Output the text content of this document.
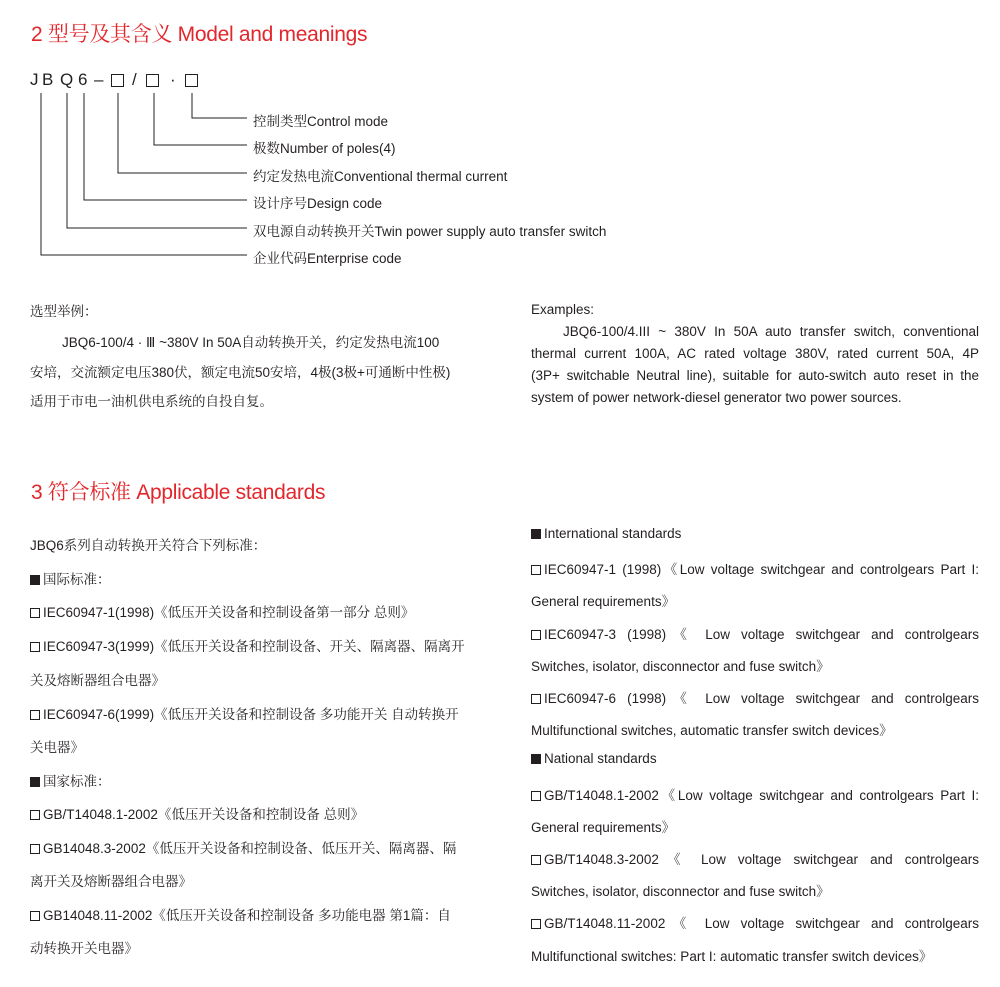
2 型号及其含义 Model and meanings
J B Q 6 – / ·
控制类型Control mode
极数Number of poles(4)
约定发热电流Conventional thermal current
设计序号Design code
双电源自动转换开关Twin power supply auto transfer switch
企业代码Enterprise code
选型举例：
JBQ6-100/4 · Ⅲ ~380V In 50A自动转换开关，约定发热电流100
安培，交流额定电压380伏，额定电流50安培，4极(3极+可通断中性极)
适用于市电一油机供电系统的自投自复。
Examples:
JBQ6-100/4.III ~ 380V In 50A auto transfer switch, conventional
thermal current 100A, AC rated voltage 380V, rated current 50A, 4P
(3P+ switchable Neutral line), suitable for auto-switch auto reset in the
system of power network-diesel generator two power sources.
3 符合标准 Applicable standards
JBQ6系列自动转换开关符合下列标准：
国际标准：
IEC60947-1(1998)《低压开关设备和控制设备第一部分 总则》
IEC60947-3(1999)《低压开关设备和控制设备、开关、隔离器、隔离开
关及熔断器组合电器》
IEC60947-6(1999)《低压开关设备和控制设备 多功能开关 自动转换开
关电器》
国家标准：
GB/T14048.1-2002《低压开关设备和控制设备 总则》
GB14048.3-2002《低压开关设备和控制设备、低压开关、隔离器、隔
离开关及熔断器组合电器》
GB14048.11-2002《低压开关设备和控制设备 多功能电器 第1篇：自
动转换开关电器》
International standards
IEC60947-1 (1998)《Low voltage switchgear and controlgears Part I:
General requirements》
IEC60947-3 (1998)《 Low voltage switchgear and controlgears
Switches, isolator, disconnector and fuse switch》
IEC60947-6 (1998)《 Low voltage switchgear and controlgears
Multifunctional switches, automatic transfer switch devices》
National standards
GB/T14048.1-2002《Low voltage switchgear and controlgears Part I:
General requirements》
GB/T14048.3-2002《 Low voltage switchgear and controlgears
Switches, isolator, disconnector and fuse switch》
GB/T14048.11-2002《 Low voltage switchgear and controlgears
Multifunctional switches: Part I: automatic transfer switch devices》
